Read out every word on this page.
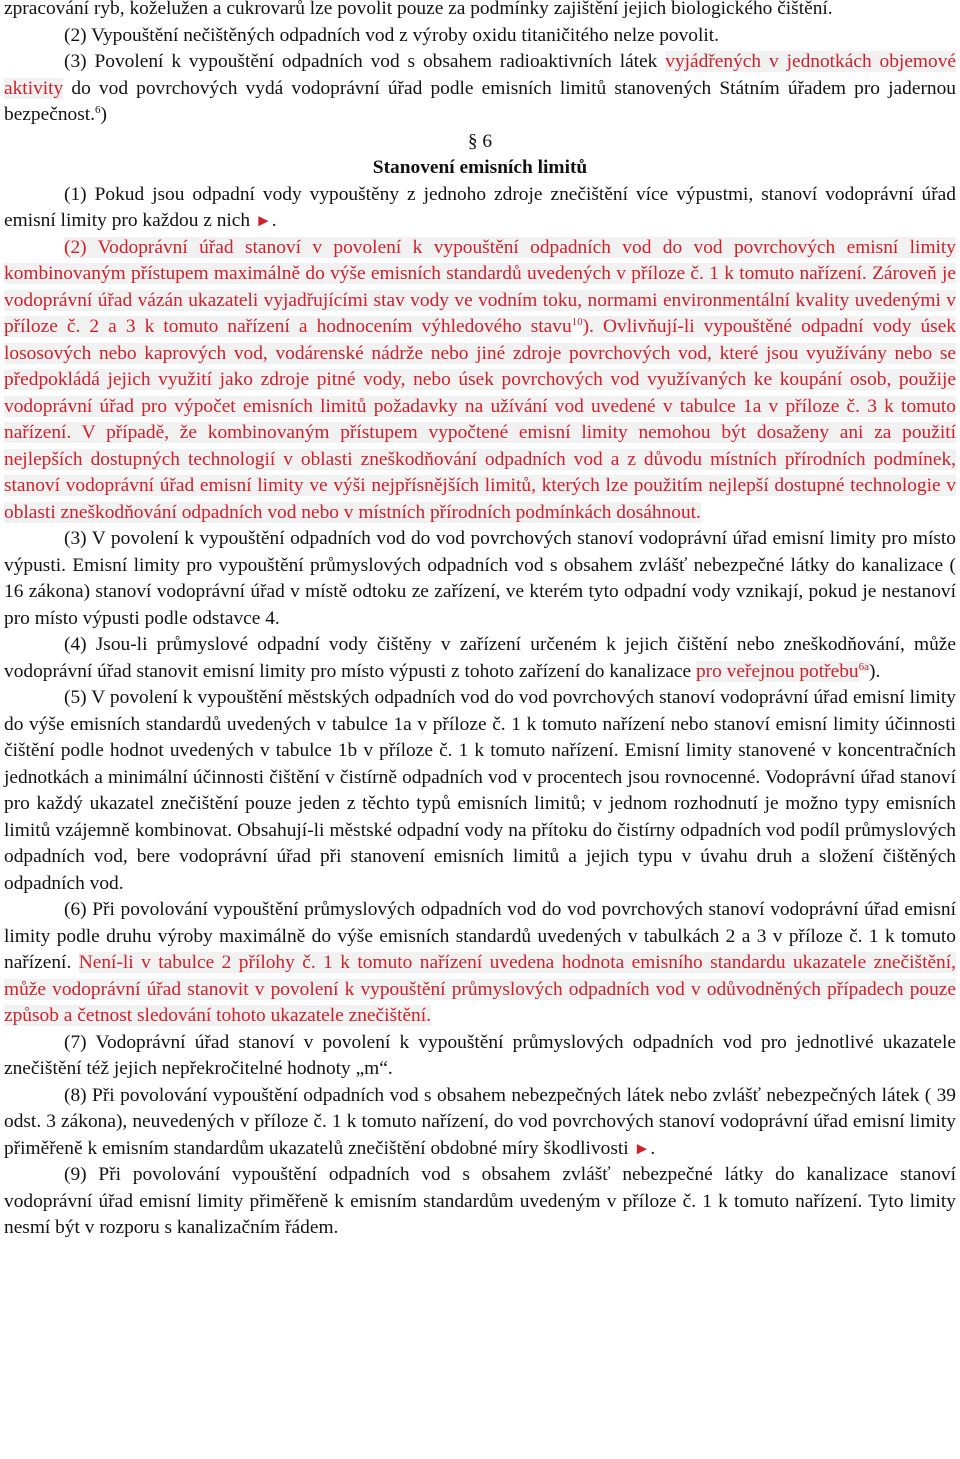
zpracování ryb, koželužen a cukrovarů lze povolit pouze za podmínky zajištění jejich biologického čištění.

(2) Vypouštění nečištěných odpadních vod z výroby oxidu titaničitého nelze povolit.

(3) Povolení k vypouštění odpadních vod s obsahem radioaktivních látek vyjádřených v jednotkách objemové aktivity do vod povrchových vydá vodoprávní úřad podle emisních limitů stanovených Státním úřadem pro jadernou bezpečnost.$^6$)

§ 6

Stanovení emisních limitů

(1) Pokud jsou odpadní vody vypouštěny z jednoho zdroje znečištění více výpustmi, stanoví vodoprávní úřad emisní limity pro každou z nich ►.

(2) Vodoprávní úřad stanoví v povolení k vypouštění odpadních vod do vod povrchových emisní limity kombinovaným přístupem maximálně do výše emisních standardů uvedených v příloze č. 1 k tomuto nařízení. Zároveň je vodoprávní úřad vázán ukazateli vyjadřujícími stav vody ve vodním toku, normami environmentální kvality uvedenými v příloze č. 2 a 3 k tomuto nařízení a hodnocením výhledového stavu$^{10}$). Ovlivňují-li vypouštěné odpadní vody úsek lososových nebo kaprových vod, vodárenské nádrže nebo jiné zdroje povrchových vod, které jsou využívány nebo se předpokládá jejich využití jako zdroje pitné vody, nebo úsek povrchových vod využívaných ke koupání osob, použije vodoprávní úřad pro výpočet emisních limitů požadavky na užívání vod uvedené v tabulce 1a v příloze č. 3 k tomuto nařízení. V případě, že kombinovaným přístupem vypočtené emisní limity nemohou být dosaženy ani za použití nejlepších dostupných technologií v oblasti zneškodňování odpadních vod a z důvodu místních přírodních podmínek, stanoví vodoprávní úřad emisní limity ve výši nejpřísnějších limitů, kterých lze použitím nejlepší dostupné technologie v oblasti zneškodňování odpadních vod nebo v místních přírodních podmínkách dosáhnout.

(3) V povolení k vypouštění odpadních vod do vod povrchových stanoví vodoprávní úřad emisní limity pro místo výpusti. Emisní limity pro vypouštění průmyslových odpadních vod s obsahem zvlášť nebezpečné látky do kanalizace ( 16 zákona) stanoví vodoprávní úřad v místě odtoku ze zařízení, ve kterém tyto odpadní vody vznikají, pokud je nestanoví pro místo výpusti podle odstavce 4.

(4) Jsou-li průmyslové odpadní vody čištěny v zařízení určeném k jejich čištění nebo zneškodňování, může vodoprávní úřad stanovit emisní limity pro místo výpusti z tohoto zařízení do kanalizace pro veřejnou potřebu$^{6a}$).

(5) V povolení k vypouštění městských odpadních vod do vod povrchových stanoví vodoprávní úřad emisní limity do výše emisních standardů uvedených v tabulce 1a v příloze č. 1 k tomuto nařízení nebo stanoví emisní limity účinnosti čištění podle hodnot uvedených v tabulce 1b v příloze č. 1 k tomuto nařízení. Emisní limity stanovené v koncentračních jednotkách a minimální účinnosti čištění v čistírně odpadních vod v procentech jsou rovnocenné. Vodoprávní úřad stanoví pro každý ukazatel znečištění pouze jeden z těchto typů emisních limitů; v jednom rozhodnutí je možno typy emisních limitů vzájemně kombinovat. Obsahují-li městské odpadní vody na přítoku do čistírny odpadních vod podíl průmyslových odpadních vod, bere vodoprávní úřad při stanovení emisních limitů a jejich typu v úvahu druh a složení čištěných odpadních vod.

(6) Při povolování vypouštění průmyslových odpadních vod do vod povrchových stanoví vodoprávní úřad emisní limity podle druhu výroby maximálně do výše emisních standardů uvedených v tabulkách 2 a 3 v příloze č. 1 k tomuto nařízení. Není-li v tabulce 2 přílohy č. 1 k tomuto nařízení uvedena hodnota emisního standardu ukazatele znečištění, může vodoprávní úřad stanovit v povolení k vypouštění průmyslových odpadních vod v odůvodněných případech pouze způsob a četnost sledování tohoto ukazatele znečištění.

(7) Vodoprávní úřad stanoví v povolení k vypouštění průmyslových odpadních vod pro jednotlivé ukazatele znečištění též jejich nepřekročitelné hodnoty „m“.

(8) Při povolování vypouštění odpadních vod s obsahem nebezpečných látek nebo zvlášť nebezpečných látek ( 39 odst. 3 zákona), neuvedených v příloze č. 1 k tomuto nařízení, do vod povrchových stanoví vodoprávní úřad emisní limity přiměřeně k emisním standardům ukazatelů znečištění obdobné míry škodlivosti ►.

(9) Při povolování vypouštění odpadních vod s obsahem zvlášť nebezpečné látky do kanalizace stanoví vodoprávní úřad emisní limity přiměřeně k emisním standardům uvedeným v příloze č. 1 k tomuto nařízení. Tyto limity nesmí být v rozporu s kanalizačním řádem.
